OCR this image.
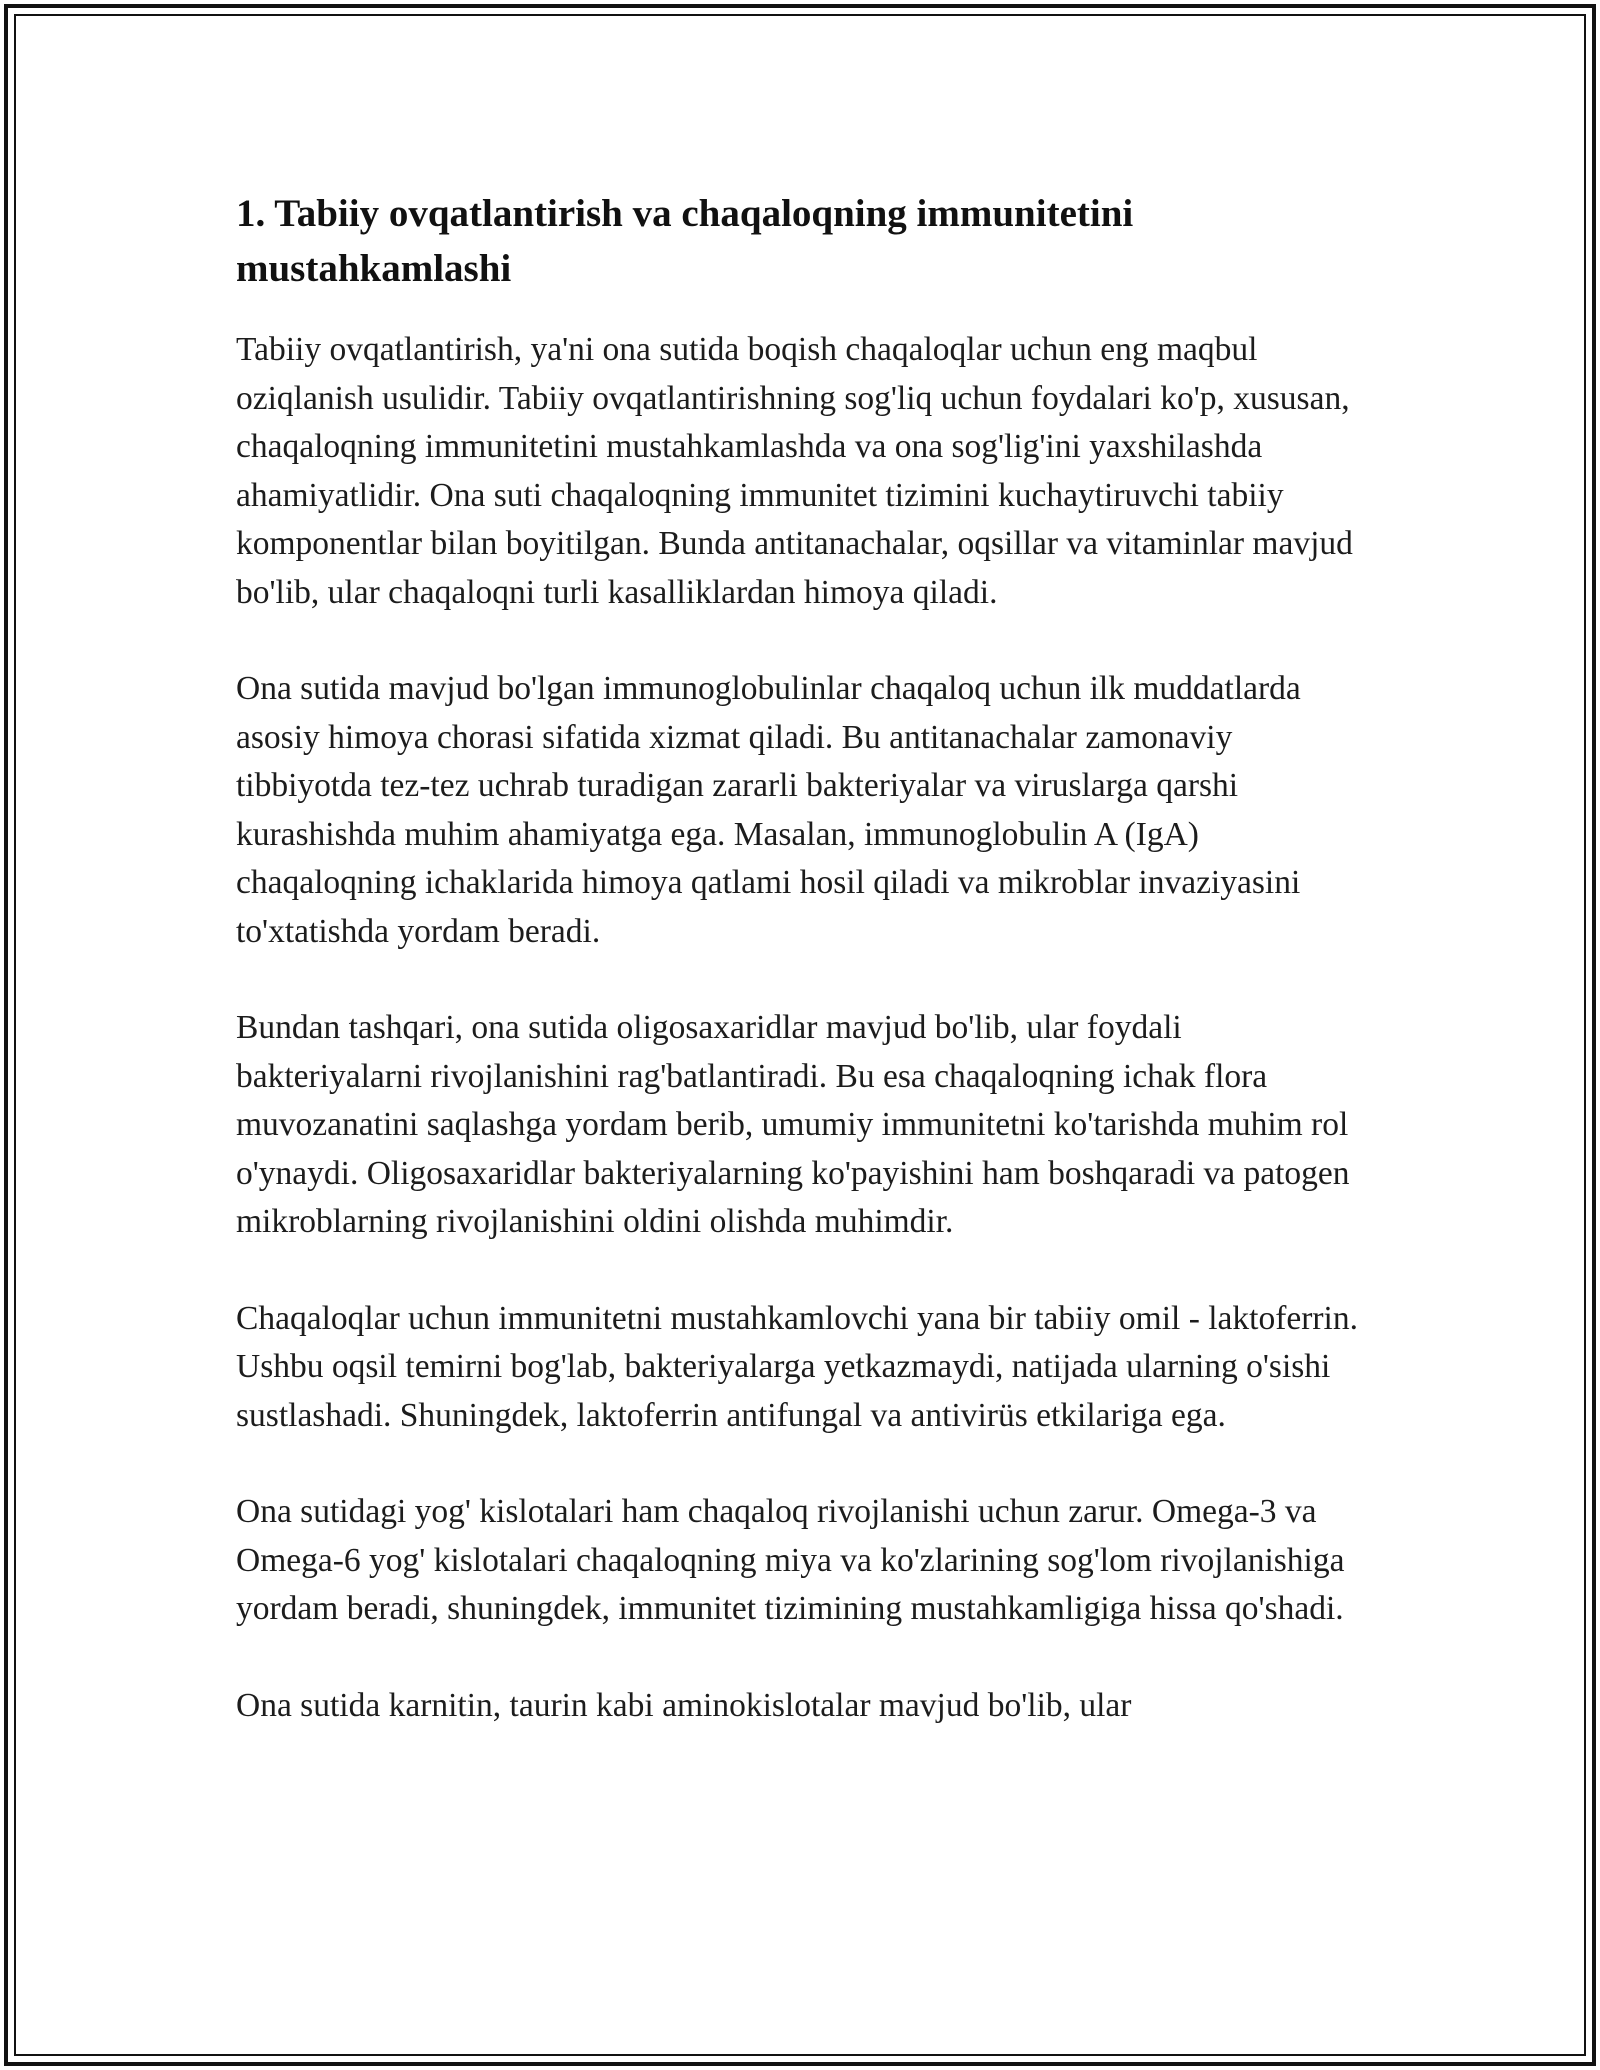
1. Tabiiy ovqatlantirish va chaqaloqning immunitetini mustahkamlashi

Tabiiy ovqatlantirish, ya'ni ona sutida boqish chaqaloqlar uchun eng maqbul oziqlanish usulidir. Tabiiy ovqatlantirishning sog'liq uchun foydalari ko'p, xususan, chaqaloqning immunitetini mustahkamlashda va ona sog'lig'ini yaxshilashda ahamiyatlidir. Ona suti chaqaloqning immunitet tizimini kuchaytiruvchi tabiiy komponentlar bilan boyitilgan. Bunda antitanachalar, oqsillar va vitaminlar mavjud bo'lib, ular chaqaloqni turli kasalliklardan himoya qiladi.

Ona sutida mavjud bo'lgan immunoglobulinlar chaqaloq uchun ilk muddatlarda asosiy himoya chorasi sifatida xizmat qiladi. Bu antitanachalar zamonaviy tibbiyotda tez-tez uchrab turadigan zararli bakteriyalar va viruslarga qarshi kurashishda muhim ahamiyatga ega. Masalan, immunoglobulin A (IgA) chaqaloqning ichaklarida himoya qatlami hosil qiladi va mikroblar invaziyasini to'xtatishda yordam beradi.

Bundan tashqari, ona sutida oligosaxaridlar mavjud bo'lib, ular foydali bakteriyalarni rivojlanishini rag'batlantiradi. Bu esa chaqaloqning ichak flora muvozanatini saqlashga yordam berib, umumiy immunitetni ko'tarishda muhim rol o'ynaydi. Oligosaxaridlar bakteriyalarning ko'payishini ham boshqaradi va patogen mikroblarning rivojlanishini oldini olishda muhimdir.

Chaqaloqlar uchun immunitetni mustahkamlovchi yana bir tabiiy omil - laktoferrin. Ushbu oqsil temirni bog'lab, bakteriyalarga yetkazmaydi, natijada ularning o'sishi sustlashadi. Shuningdek, laktoferrin antifungal va antivirüs etkilariga ega.

Ona sutidagi yog' kislotalari ham chaqaloq rivojlanishi uchun zarur. Omega-3 va Omega-6 yog' kislotalari chaqaloqning miya va ko'zlarining sog'lom rivojlanishiga yordam beradi, shuningdek, immunitet tizimining mustahkamligiga hissa qo'shadi.

Ona sutida karnitin, taurin kabi aminokislotalar mavjud bo'lib, ular
